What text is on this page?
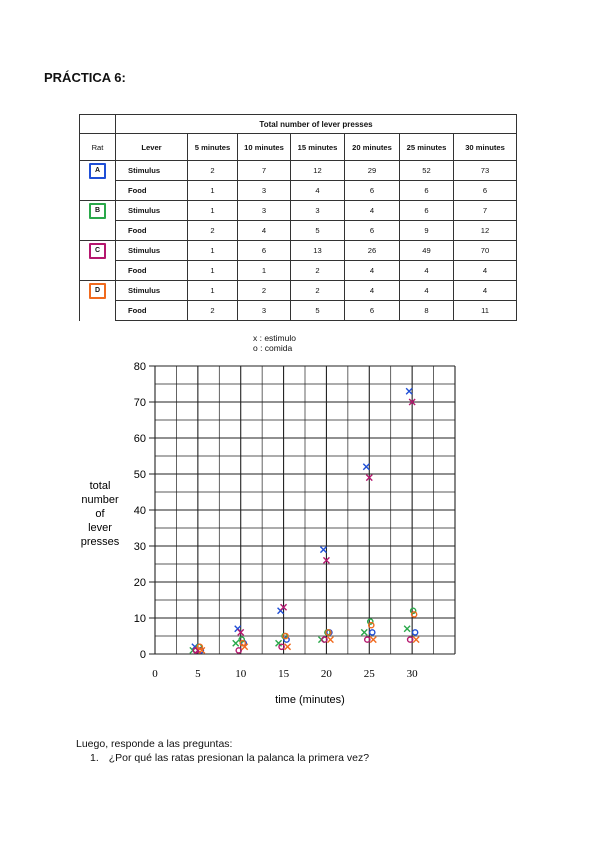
PRÁCTICA 6:
	Total number of lever presses						
Rat	Lever	5 minutes	10 minutes	15 minutes	20 minutes	25 minutes	30 minutes
A	Stimulus	2	7	12	29	52	73
	Food	1	3	4	6	6	6
B	Stimulus	1	3	3	4	6	7
	Food	2	4	5	6	9	12
C	Stimulus	1	6	13	26	49	70
	Food	1	1	2	4	4	4
D	Stimulus	1	2	2	4	4	4
	Food	2	3	5	6	8	11
x : estimulo
o : comida
0
10
20
30
40
50
60
70
80
0	5	10	15	20	25	30
total
number
of
lever
presses
time (minutes)
Luego, responde a las preguntas:
1. ¿Por qué las ratas presionan la palanca la primera vez?
